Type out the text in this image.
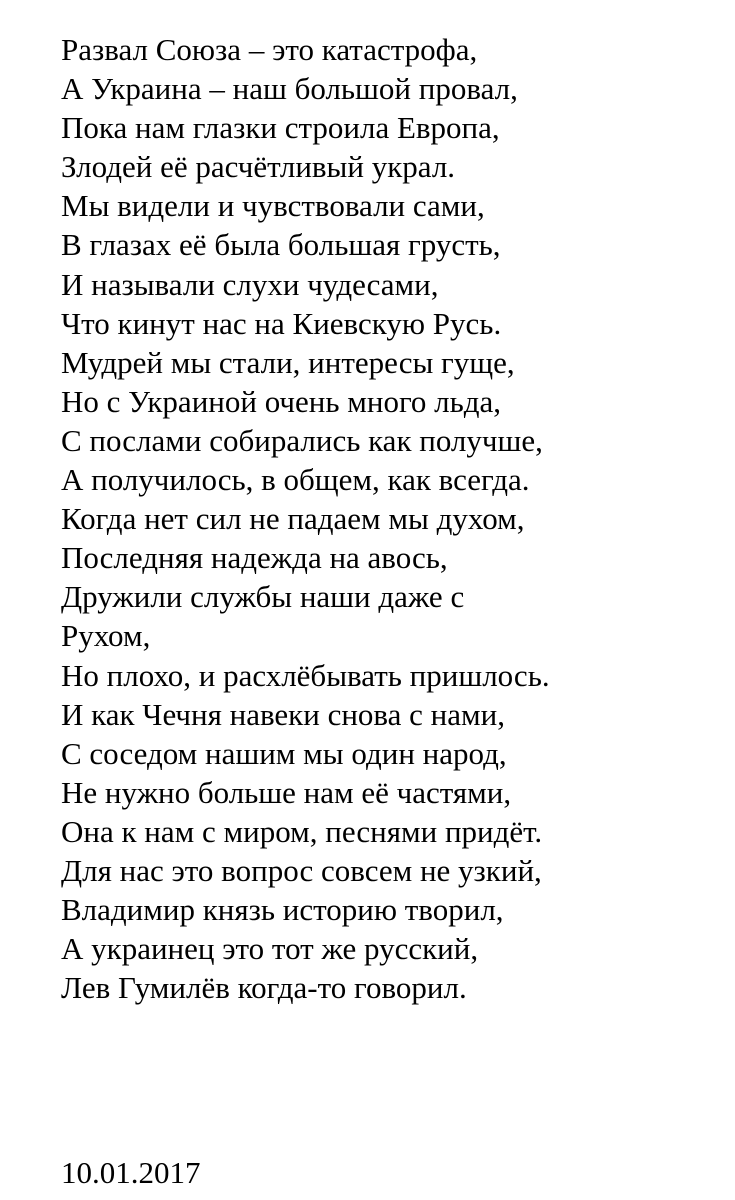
Развал Союза – это катастрофа,
А Украина – наш большой провал,
Пока нам глазки строила Европа,
Злодей её расчётливый украл.
Мы видели и чувствовали сами,
В глазах её была большая грусть,
И называли слухи чудесами,
Что кинут нас на Киевскую Русь.
Мудрей мы стали, интересы гуще,
Но с Украиной очень много льда,
С послами собирались как получше,
А получилось, в общем, как всегда.
Когда нет сил не падаем мы духом,
Последняя надежда на авось,
Дружили службы наши даже с
Рухом,
Но плохо, и расхлёбывать пришлось.
И как Чечня навеки снова с нами,
С соседом нашим мы один народ,
Не нужно больше нам её частями,
Она к нам с миром, песнями придёт.
Для нас это вопрос совсем не узкий,
Владимир князь историю творил,
А украинец это тот же русский,
Лев Гумилёв когда-то говорил.
10.01.2017
